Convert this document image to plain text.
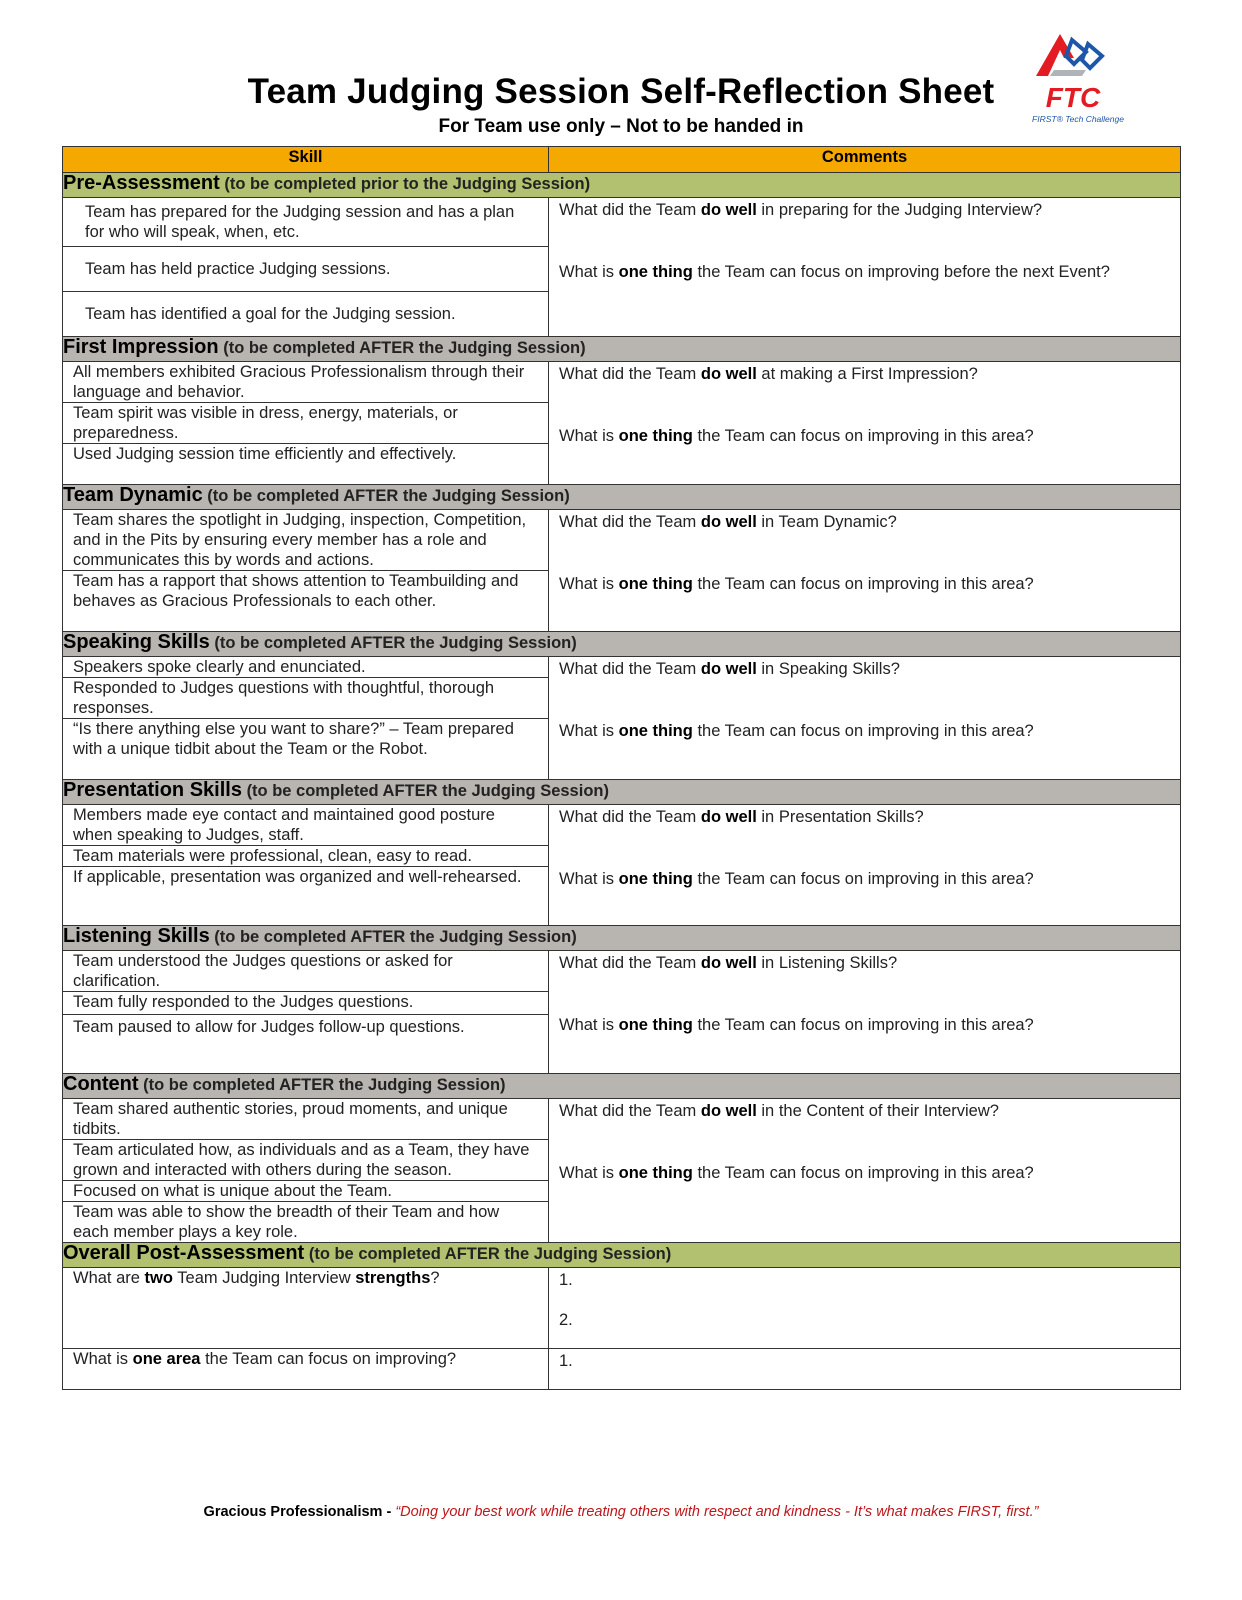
Team Judging Session Self-Reflection Sheet
For Team use only – Not to be handed in
FTC
FIRST® Tech Challenge
Skill	Comments
Pre-Assessment (to be completed prior to the Judging Session)	
Team has prepared for the Judging session and has a plan for who will speak, when, etc.	What did the Team do well in preparing for the Judging Interview?

What is one thing the Team can focus on improving before the next Event?

Team has held practice Judging sessions.	
Team has identified a goal for the Judging session.	
First Impression (to be completed AFTER the Judging Session)	
All members exhibited Gracious Professionalism through their language and behavior.	What did the Team do well at making a First Impression?

What is one thing the Team can focus on improving in this area?

Team spirit was visible in dress, energy, materials, or preparedness.	
Used Judging session time efficiently and effectively.	
Team Dynamic (to be completed AFTER the Judging Session)	
Team shares the spotlight in Judging, inspection, Competition, and in the Pits by ensuring every member has a role and communicates this by words and actions.	What did the Team do well in Team Dynamic?

What is one thing the Team can focus on improving in this area?

Team has a rapport that shows attention to Teambuilding and behaves as Gracious Professionals to each other.	
Speaking Skills (to be completed AFTER the Judging Session)	
Speakers spoke clearly and enunciated.	What did the Team do well in Speaking Skills?

What is one thing the Team can focus on improving in this area?

Responded to Judges questions with thoughtful, thorough responses.	
“Is there anything else you want to share?” – Team prepared with a unique tidbit about the Team or the Robot.	
Presentation Skills (to be completed AFTER the Judging Session)	
Members made eye contact and maintained good posture when speaking to Judges, staff.	What did the Team do well in Presentation Skills?

What is one thing the Team can focus on improving in this area?

Team materials were professional, clean, easy to read.	
If applicable, presentation was organized and well-rehearsed.	
Listening Skills (to be completed AFTER the Judging Session)	
Team understood the Judges questions or asked for clarification.	What did the Team do well in Listening Skills?

What is one thing the Team can focus on improving in this area?

Team fully responded to the Judges questions.	
Team paused to allow for Judges follow-up questions.	
Content (to be completed AFTER the Judging Session)	
Team shared authentic stories, proud moments, and unique tidbits.	What did the Team do well in the Content of their Interview?

What is one thing the Team can focus on improving in this area?

Team articulated how, as individuals and as a Team, they have grown and interacted with others during the season.	
Focused on what is unique about the Team.	
Team was able to show the breadth of their Team and how each member plays a key role.	
Overall Post-Assessment (to be completed AFTER the Judging Session)	
What are two Team Judging Interview strengths?	1.

2.

What is one area the Team can focus on improving?	1.

Gracious Professionalism - “Doing your best work while treating others with respect and kindness - It’s what makes FIRST, first.”
